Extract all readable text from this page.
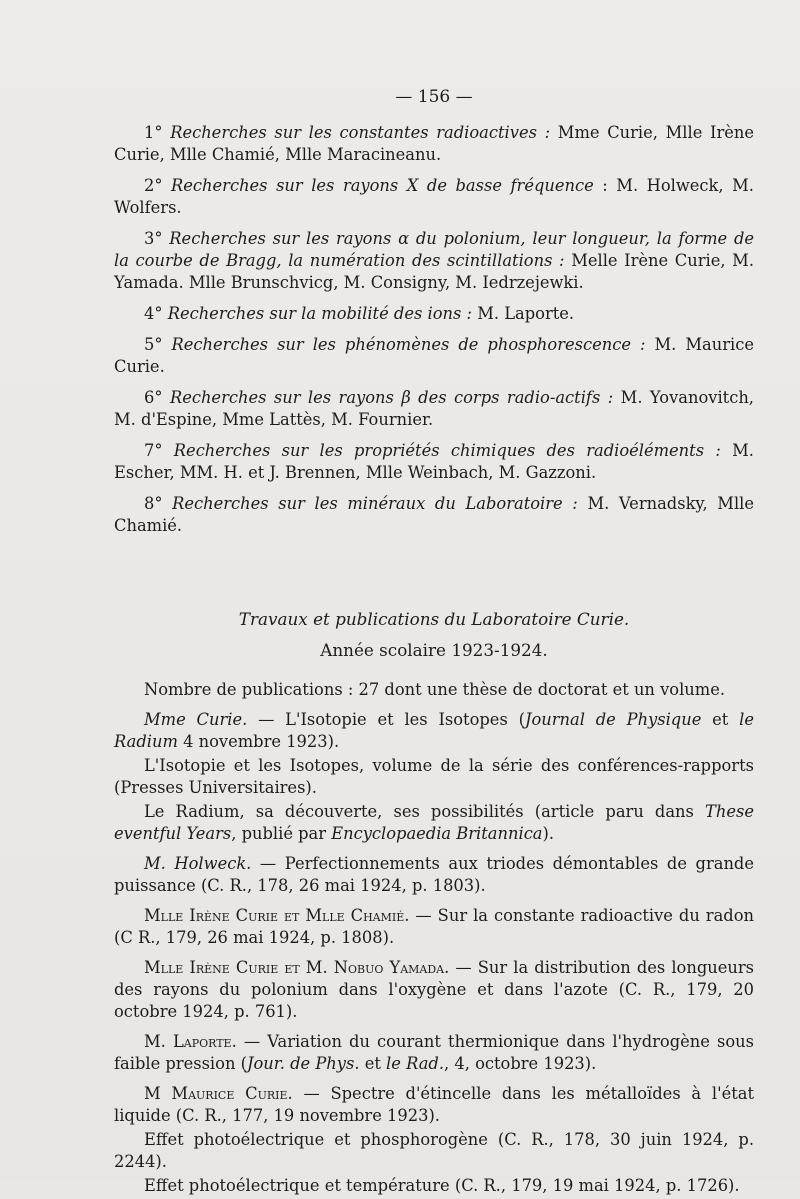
— 156 —

1° Recherches sur les constantes radioactives : Mme Curie, Mlle Irène Curie, Mlle Chamié, Mlle Maracineanu.

2° Recherches sur les rayons X de basse fréquence : M. Holweck, M. Wolfers.

3° Recherches sur les rayons α du polonium, leur longueur, la forme de la courbe de Bragg, la numération des scintillations : Melle Irène Curie, M. Yamada. Mlle Brunschvicg, M. Consigny, M. Iedrzejewki.

4° Recherches sur la mobilité des ions : M. Laporte.

5° Recherches sur les phénomènes de phosphorescence : M. Maurice Curie.

6° Recherches sur les rayons β des corps radio-actifs : M. Yovanovitch, M. d'Espine, Mme Lattès, M. Fournier.

7° Recherches sur les propriétés chimiques des radioéléments : M. Escher, MM. H. et J. Brennen, Mlle Weinbach, M. Gazzoni.

8° Recherches sur les minéraux du Laboratoire : M. Vernadsky, Mlle Chamié.

Travaux et publications du Laboratoire Curie.

Année scolaire 1923-1924.

Nombre de publications : 27 dont une thèse de doctorat et un volume.

Mme Curie. — L'Isotopie et les Isotopes (Journal de Physique et le Radium 4 novembre 1923).

L'Isotopie et les Isotopes, volume de la série des conférences-rapports (Presses Universitaires).

Le Radium, sa découverte, ses possibilités (article paru dans These eventful Years, publié par Encyclopaedia Britannica).

M. Holweck. — Perfectionnements aux triodes démontables de grande puissance (C. R., 178, 26 mai 1924, p. 1803).

Mlle Irène Curie et Mlle Chamié. — Sur la constante radioactive du radon (C R., 179, 26 mai 1924, p. 1808).

Mlle Irène Curie et M. Nobuo Yamada. — Sur la distribution des longueurs des rayons du polonium dans l'oxygène et dans l'azote (C. R., 179, 20 octobre 1924, p. 761).

M. Laporte. — Variation du courant thermionique dans l'hydrogène sous faible pression (Jour. de Phys. et le Rad., 4, octobre 1923).

M Maurice Curie. — Spectre d'étincelle dans les métalloïdes à l'état liquide (C. R., 177, 19 novembre 1923).

Effet photoélectrique et phosphorogène (C. R., 178, 30 juin 1924, p. 2244).

Effet photoélectrique et température (C. R., 179, 19 mai 1924, p. 1726).
